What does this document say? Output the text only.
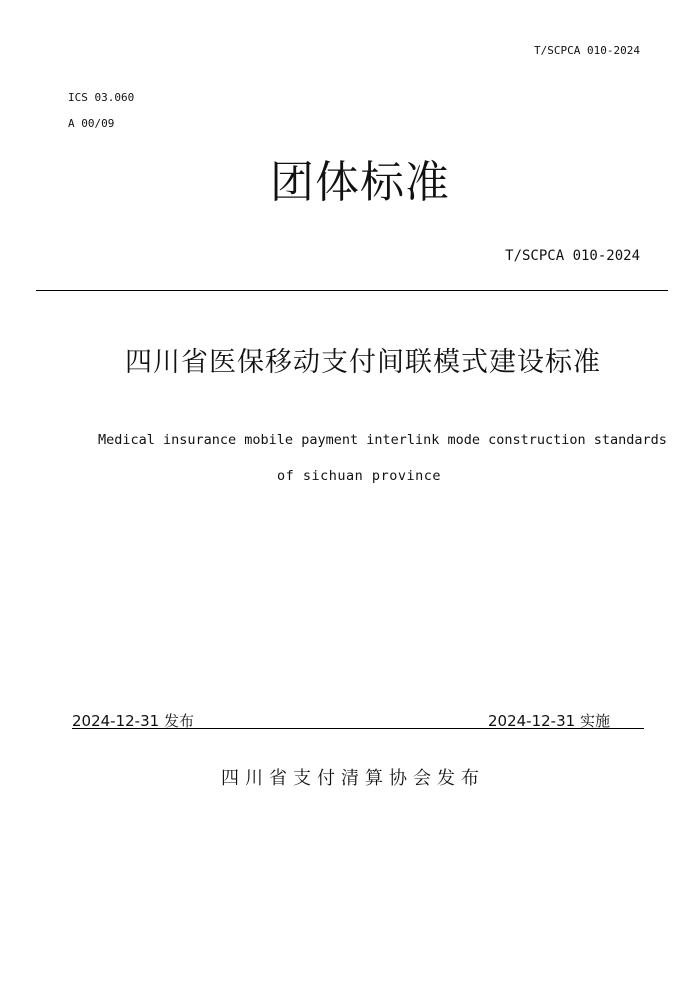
T/SCPCA 010-2024
ICS 03.060
A 00/09
团体标准
T/SCPCA 010-2024
四川省医保移动支付间联模式建设标准
Medical insurance mobile payment interlink mode construction standards
of sichuan province
2024-12-31 发布	2024-12-31 实施
四川省支付清算协会发布
